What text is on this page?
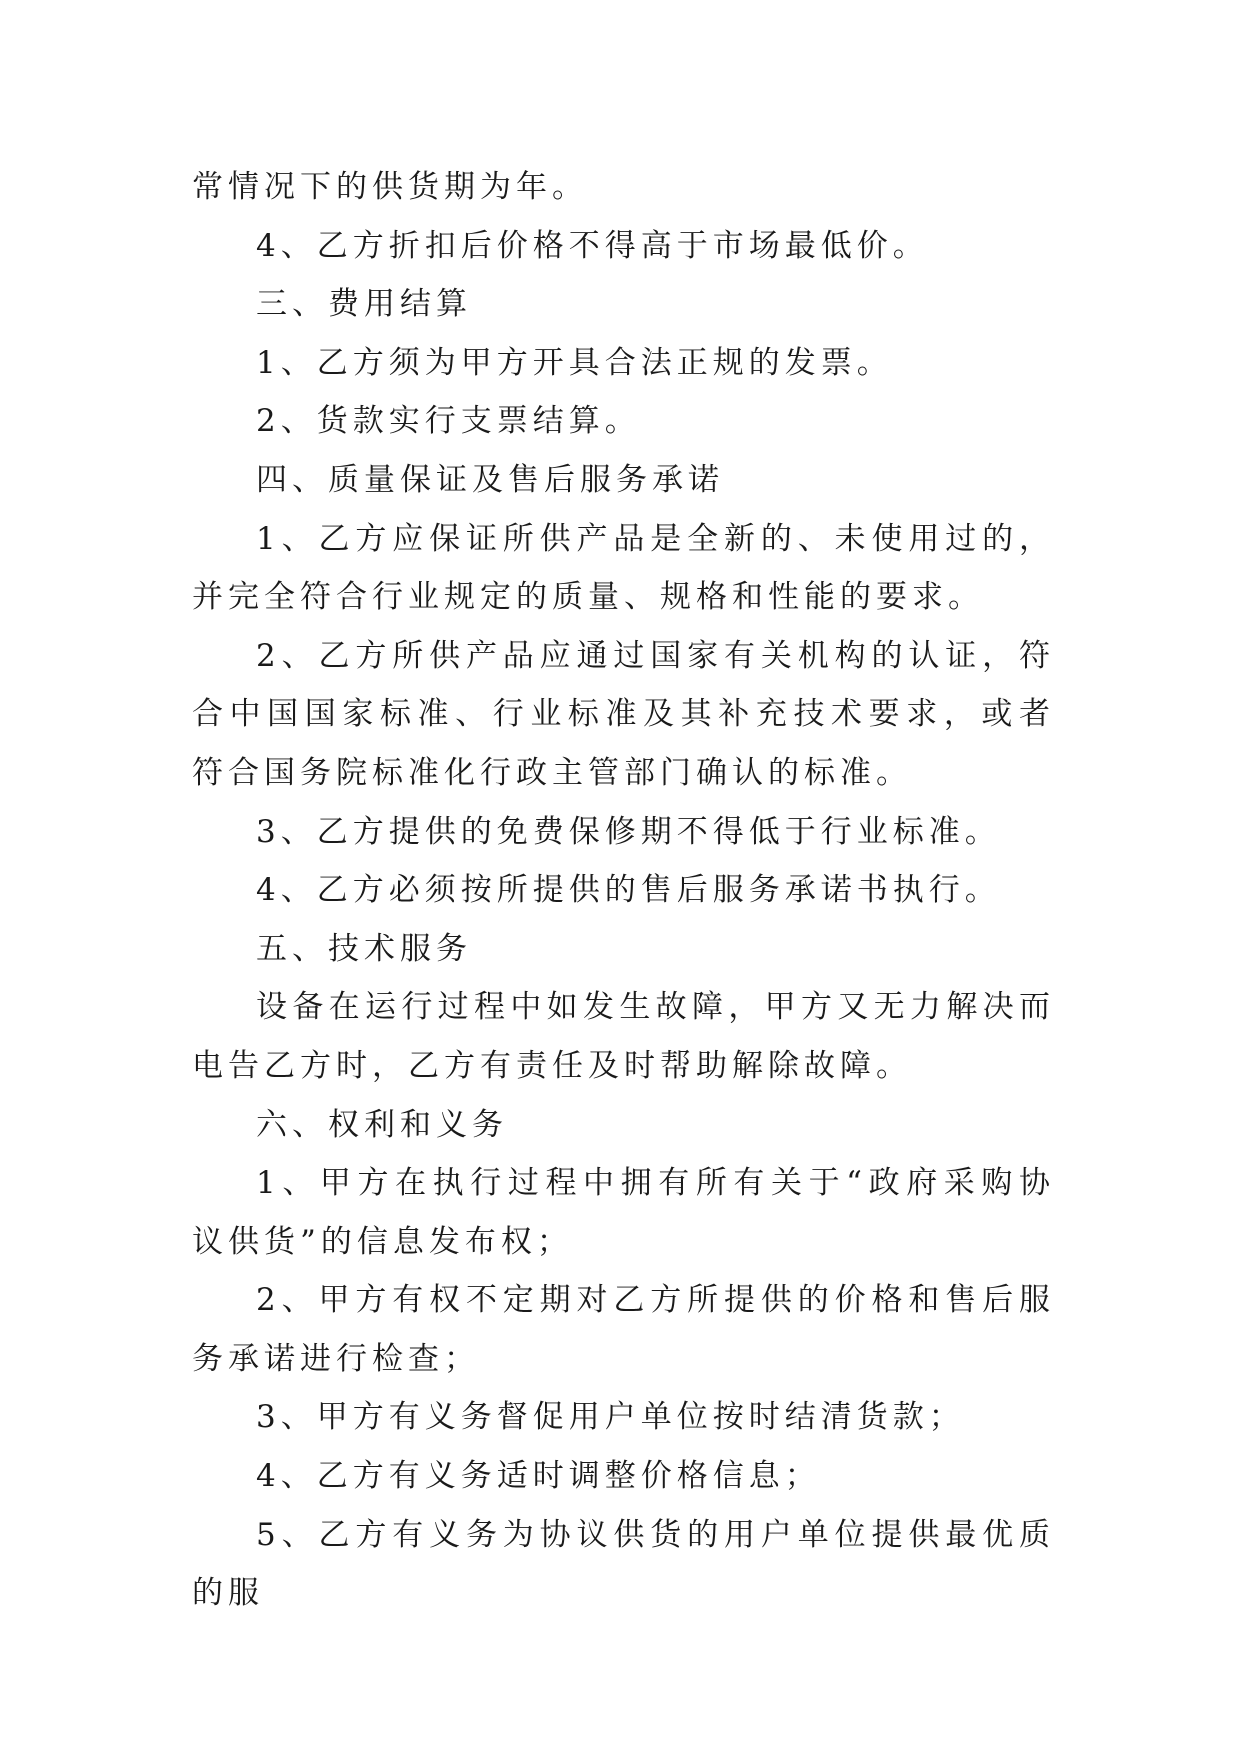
常情况下的供货期为年。

4、乙方折扣后价格不得高于市场最低价。

三、费用结算

1、乙方须为甲方开具合法正规的发票。

2、货款实行支票结算。

四、质量保证及售后服务承诺

1、乙方应保证所供产品是全新的、未使用过的，并完全符合行业规定的质量、规格和性能的要求。

2、乙方所供产品应通过国家有关机构的认证，符合中国国家标准、行业标准及其补充技术要求，或者符合国务院标准化行政主管部门确认的标准。

3、乙方提供的免费保修期不得低于行业标准。

4、乙方必须按所提供的售后服务承诺书执行。

五、技术服务

设备在运行过程中如发生故障，甲方又无力解决而电告乙方时，乙方有责任及时帮助解除故障。

六、权利和义务

1、甲方在执行过程中拥有所有关于“政府采购协议供货”的信息发布权；

2、甲方有权不定期对乙方所提供的价格和售后服务承诺进行检查；

3、甲方有义务督促用户单位按时结清货款；

4、乙方有义务适时调整价格信息；

5、乙方有义务为协议供货的用户单位提供最优质的服
